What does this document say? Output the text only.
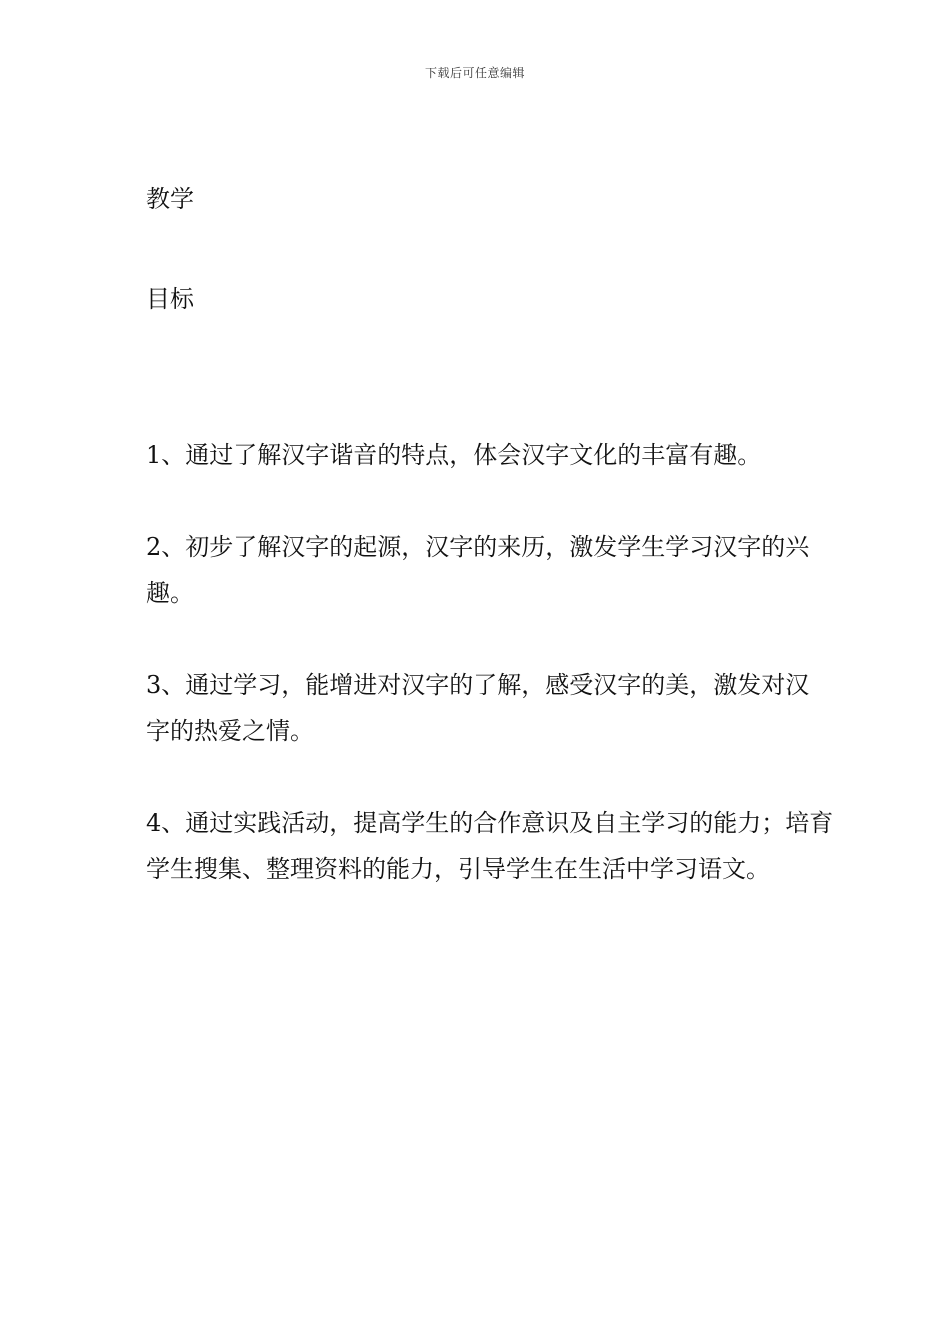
下载后可任意编辑
教学
目标

1、通过了解汉字谐音的特点，体会汉字文化的丰富有趣。

2、初步了解汉字的起源，汉字的来历，激发学生学习汉字的兴趣。

3、通过学习，能增进对汉字的了解，感受汉字的美，激发对汉字的热爱之情。

4、通过实践活动，提高学生的合作意识及自主学习的能力；培育学生搜集、整理资料的能力，引导学生在生活中学习语文。
